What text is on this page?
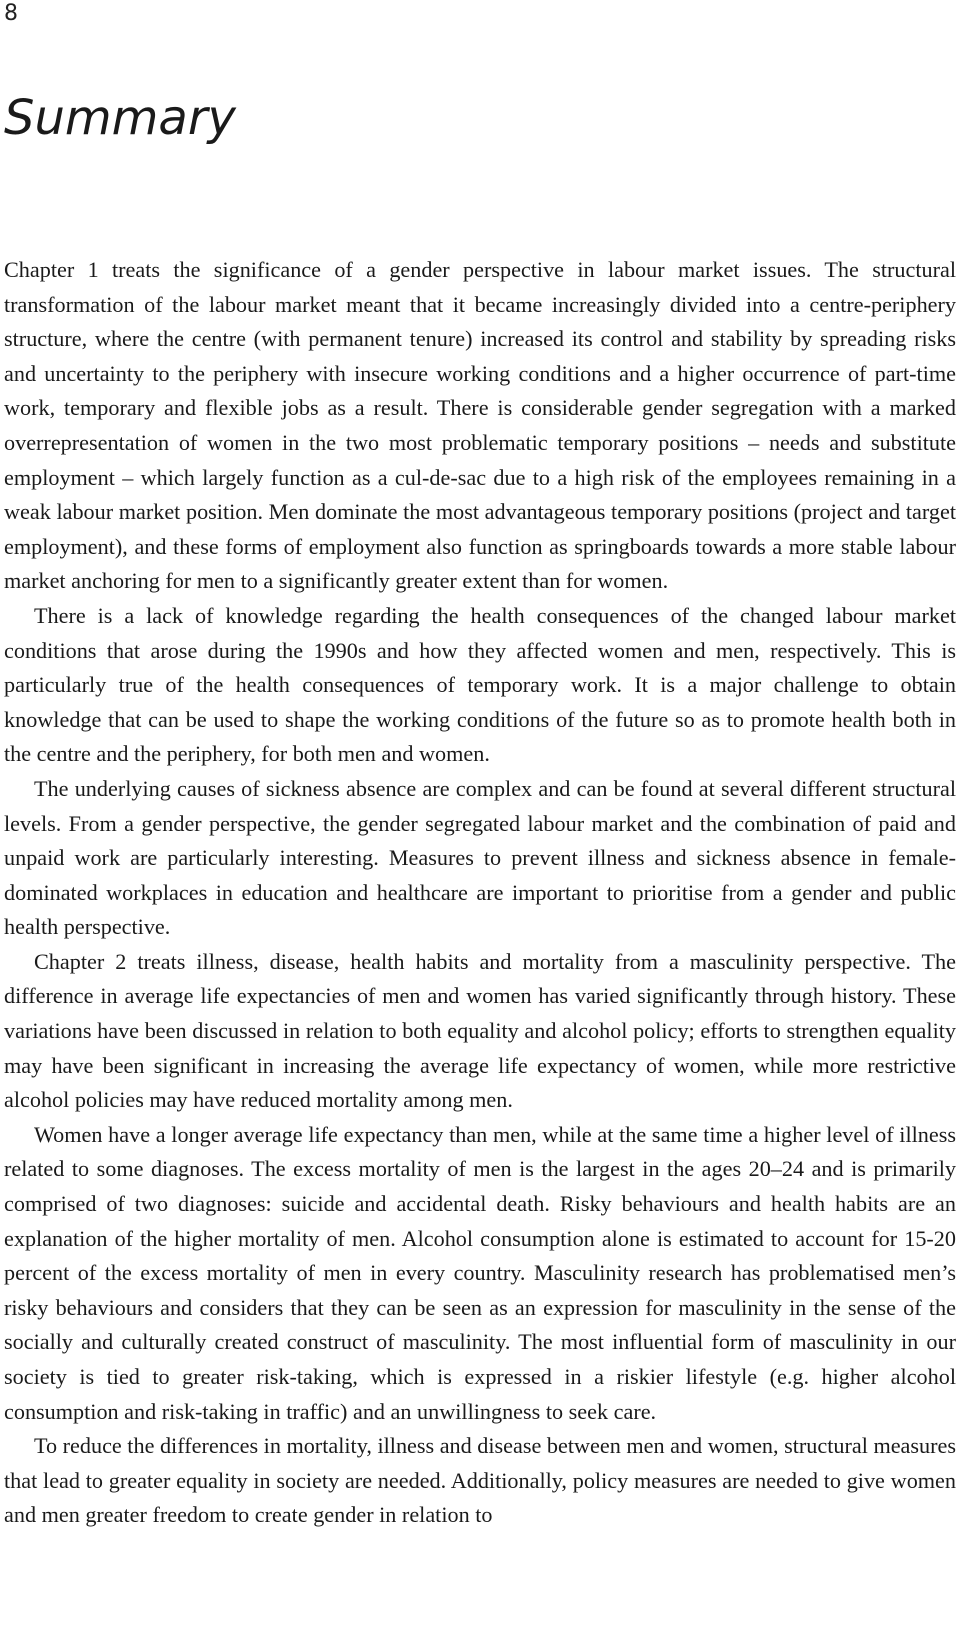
8
Summary

Chapter 1 treats the significance of a gender perspective in labour market issues. The structural transformation of the labour market meant that it became increasingly divided into a centre-periphery structure, where the centre (with permanent tenure) increased its control and stability by spreading risks and uncertainty to the periphery with insecure working conditions and a higher occurrence of part-time work, temporary and flexible jobs as a result. There is considerable gender segregation with a marked overrepresentation of women in the two most problematic temporary positions – needs and substitute employment – which largely function as a cul-de-sac due to a high risk of the employees remaining in a weak labour market position. Men dominate the most advantageous temporary positions (project and target employment), and these forms of employment also function as springboards towards a more stable labour market anchoring for men to a significantly greater extent than for women.

There is a lack of knowledge regarding the health consequences of the changed labour market conditions that arose during the 1990s and how they affected women and men, respectively. This is particularly true of the health consequences of temporary work. It is a major challenge to obtain knowledge that can be used to shape the working conditions of the future so as to promote health both in the centre and the periphery, for both men and women.

The underlying causes of sickness absence are complex and can be found at several different structural levels. From a gender perspective, the gender segregated labour market and the combination of paid and unpaid work are particularly interesting. Measures to prevent illness and sickness absence in female-dominated workplaces in education and healthcare are important to prioritise from a gender and public health perspective.

Chapter 2 treats illness, disease, health habits and mortality from a masculinity perspective. The difference in average life expectancies of men and women has varied significantly through history. These variations have been discussed in relation to both equality and alcohol policy; efforts to strengthen equality may have been significant in increasing the average life expectancy of women, while more restrictive alcohol policies may have reduced mortality among men.

Women have a longer average life expectancy than men, while at the same time a higher level of illness related to some diagnoses. The excess mortality of men is the largest in the ages 20–24 and is primarily comprised of two diagnoses: suicide and accidental death. Risky behaviours and health habits are an explanation of the higher mortality of men. Alcohol consumption alone is estimated to account for 15-20 percent of the excess mortality of men in every country. Masculinity research has problematised men’s risky behaviours and considers that they can be seen as an expression for masculinity in the sense of the socially and culturally created construct of masculinity. The most influential form of masculinity in our society is tied to greater risk-taking, which is expressed in a riskier lifestyle (e.g. higher alcohol consumption and risk-taking in traffic) and an unwillingness to seek care.

To reduce the differences in mortality, illness and disease between men and women, structural measures that lead to greater equality in society are needed. Additionally, policy measures are needed to give women and men greater freedom to create gender in relation to
